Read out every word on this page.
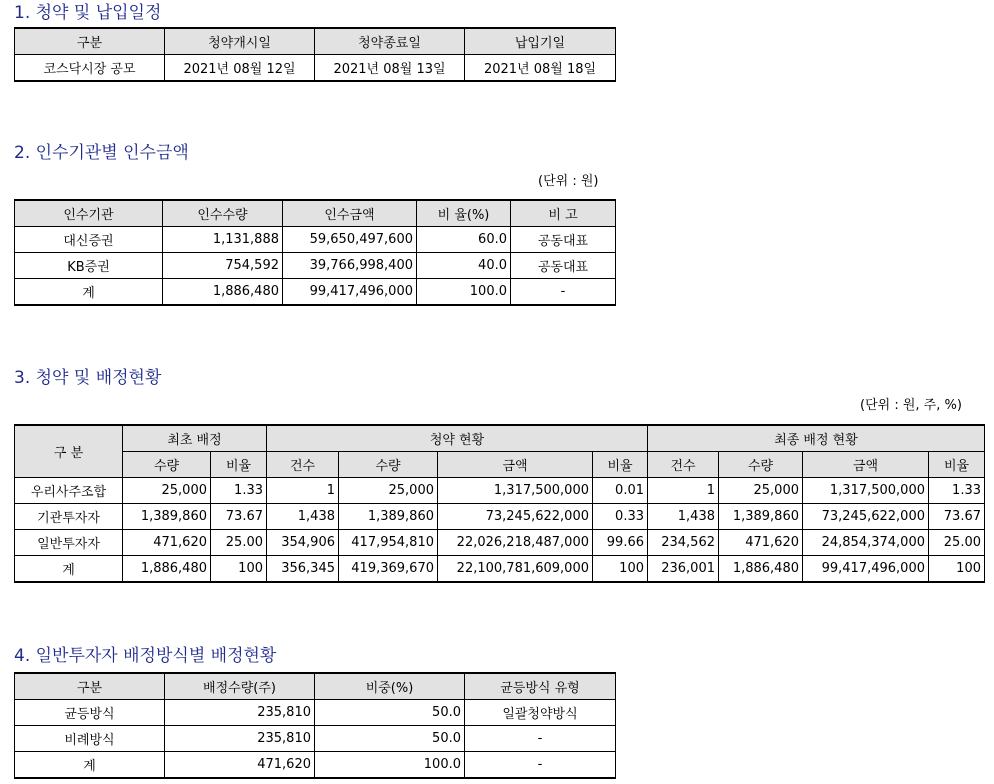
1. 청약 및 납입일정
구분	청약개시일	청약종료일	납입기일
코스닥시장 공모	2021년 08월 12일	2021년 08월 13일	2021년 08월 18일
2. 인수기관별 인수금액
(단위 : 원)
인수기관	인수수량	인수금액	비 율(%)	비 고
대신증권	1,131,888	59,650,497,600	60.0	공동대표
KB증권	754,592	39,766,998,400	40.0	공동대표
계	1,886,480	99,417,496,000	100.0	-
3. 청약 및 배정현황
(단위 : 원, 주, %)
구 분	최초 배정		청약 현황				최종 배정 현황			
	수량	비율	건수	수량	금액	비율	건수	수량	금액	비율
우리사주조합	25,000	1.33	1	25,000	1,317,500,000	0.01	1	25,000	1,317,500,000	1.33
기관투자자	1,389,860	73.67	1,438	1,389,860	73,245,622,000	0.33	1,438	1,389,860	73,245,622,000	73.67
일반투자자	471,620	25.00	354,906	417,954,810	22,026,218,487,000	99.66	234,562	471,620	24,854,374,000	25.00
계	1,886,480	100	356,345	419,369,670	22,100,781,609,000	100	236,001	1,886,480	99,417,496,000	100
4. 일반투자자 배정방식별 배정현황
구분	배정수량(주)	비중(%)	균등방식 유형
균등방식	235,810	50.0	일괄청약방식
비례방식	235,810	50.0	-
계	471,620	100.0	-
